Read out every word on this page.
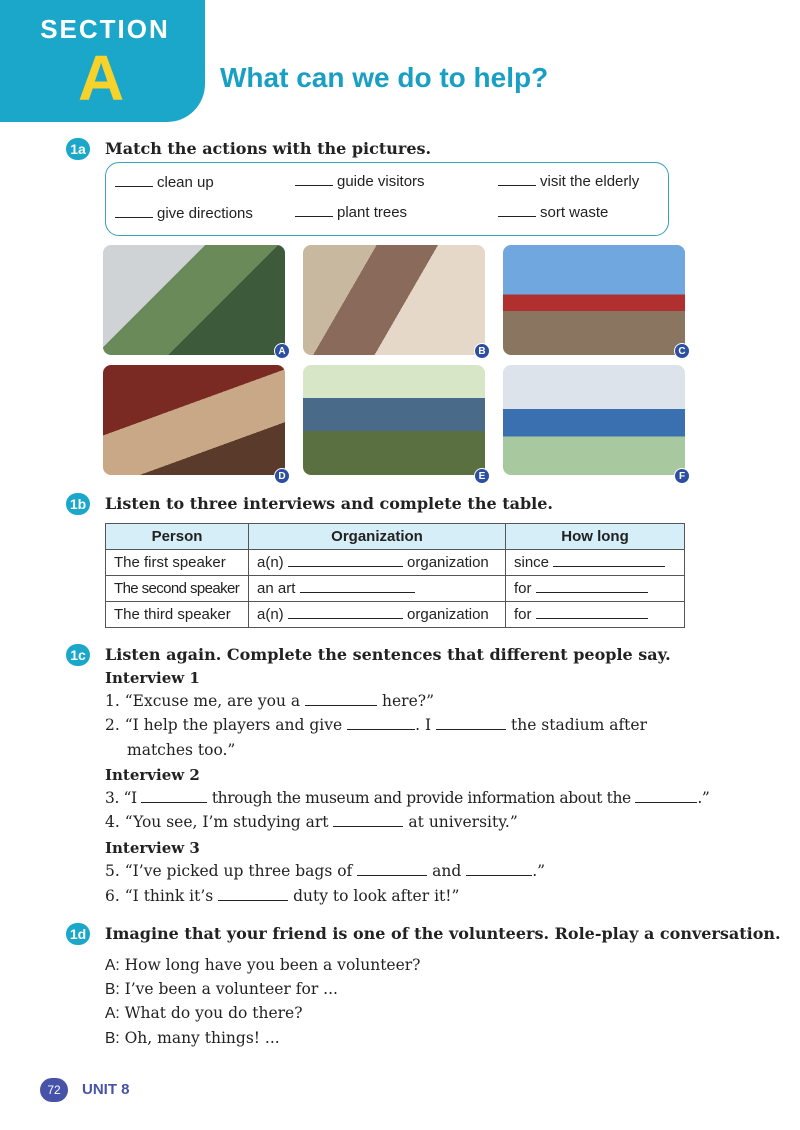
SECTION
A	What can we do to help?
1a Match the actions with the pictures.
clean up	guide visitors	visit the elderly
give directions	plant trees	sort waste
A	B	C
D	E	F
1b Listen to three interviews and complete the table.
Person	Organization	How long
The first speaker	a(n) organization	since
The second speaker	an art	for
The third speaker	a(n) organization	for
1c Listen again. Complete the sentences that different people say.
Interview 1
1. “Excuse me, are you a	here?”
2. “I help the players and give	. I	the stadium after
matches too.”
Interview 2
3. “I	through the museum and provide information about the	.”
4. “You see, I’m studying art	at university.”
Interview 3
5. “I’ve picked up three bags of	and	.”
6. “I think it’s	duty to look after it!”
1d Imagine that your friend is one of the volunteers. Role-play a conversation.
A: How long have you been a volunteer?
B: I’ve been a volunteer for ...
A: What do you do there?
B: Oh, many things! ...
72	UNIT 8
